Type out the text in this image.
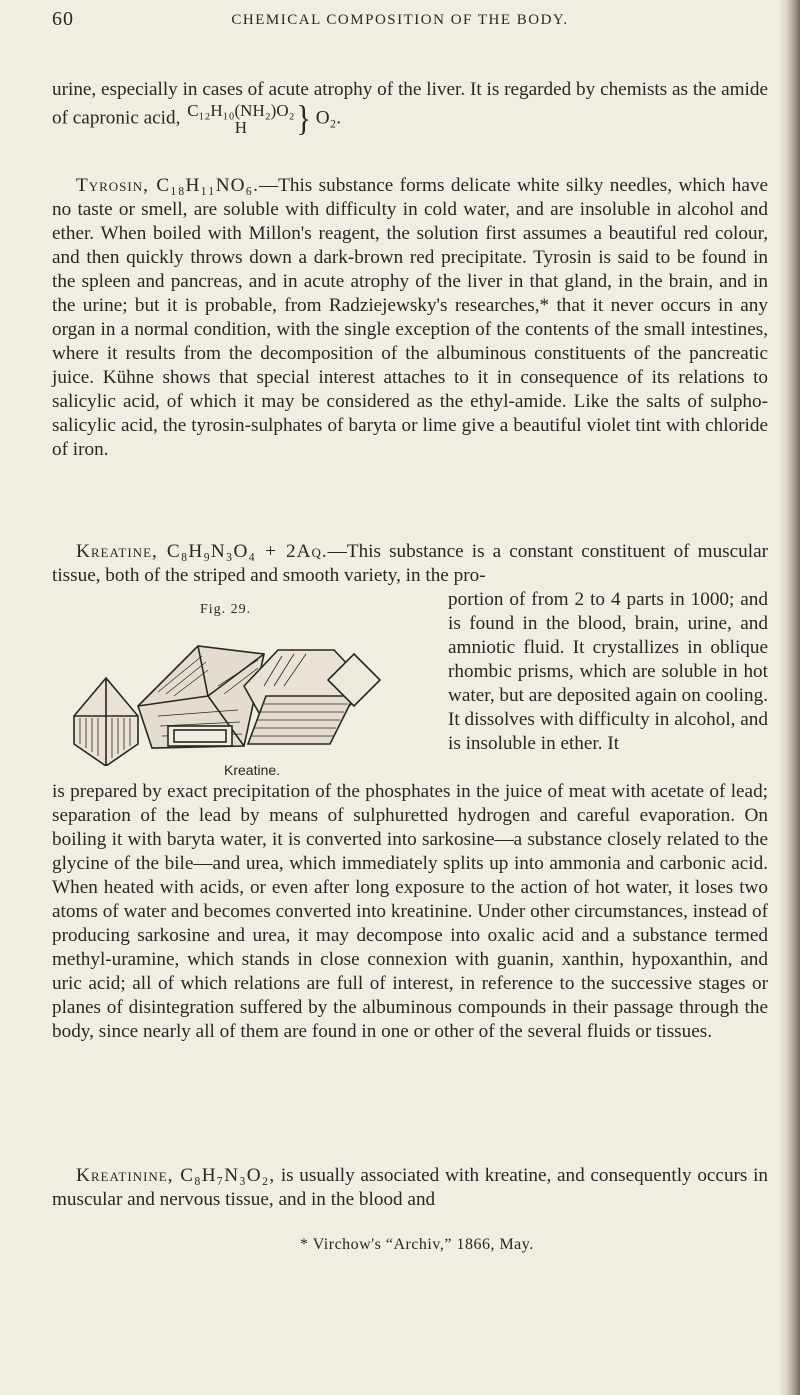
60	CHEMICAL COMPOSITION OF THE BODY.
urine, especially in cases of acute atrophy of the liver. It is regarded by chemists as the amide of capronic acid, C₁₂H₁₀(NH₂)O₂
H	} O₂.
Tyrosin, C₁₈H₁₁NO₆.—This substance forms delicate white silky needles, which have no taste or smell, are soluble with difficulty in cold water, and are insoluble in alcohol and ether. When boiled with Millon's reagent, the solution first assumes a beautiful red colour, and then quickly throws down a dark-brown red precipitate. Tyrosin is said to be found in the spleen and pancreas, and in acute atrophy of the liver in that gland, in the brain, and in the urine; but it is probable, from Radziejewsky's researches,* that it never occurs in any organ in a normal condition, with the single exception of the contents of the small intestines, where it results from the decomposition of the albuminous constituents of the pancreatic juice. Kühne shows that special interest attaches to it in consequence of its relations to salicylic acid, of which it may be considered as the ethyl-amide. Like the salts of sulpho-salicylic acid, the tyrosin-sulphates of baryta or lime give a beautiful violet tint with chloride of iron.
Kreatine, C₈H₉N₃O₄ + 2Aq.—This substance is a constant constituent of muscular tissue, both of the striped and smooth variety, in the pro-
Fig. 29.
Kreatine.
portion of from 2 to 4 parts in 1000; and is found in the blood, brain, urine, and amniotic fluid. It crystallizes in oblique rhombic prisms, which are soluble in hot water, but are deposited again on cooling. It dissolves with difficulty in alcohol, and is insoluble in ether. It
is prepared by exact precipitation of the phosphates in the juice of meat with acetate of lead; separation of the lead by means of sulphuretted hydrogen and careful evaporation. On boiling it with baryta water, it is converted into sarkosine—a substance closely related to the glycine of the bile—and urea, which immediately splits up into ammonia and carbonic acid. When heated with acids, or even after long exposure to the action of hot water, it loses two atoms of water and becomes converted into kreatinine. Under other circumstances, instead of producing sarkosine and urea, it may decompose into oxalic acid and a substance termed methyl-uramine, which stands in close connexion with guanin, xanthin, hypoxanthin, and uric acid; all of which relations are full of interest, in reference to the successive stages or planes of disintegration suffered by the albuminous compounds in their passage through the body, since nearly all of them are found in one or other of the several fluids or tissues.
Kreatinine, C₈H₇N₃O₂, is usually associated with kreatine, and consequently occurs in muscular and nervous tissue, and in the blood and
* Virchow's “Archiv,” 1866, May.
